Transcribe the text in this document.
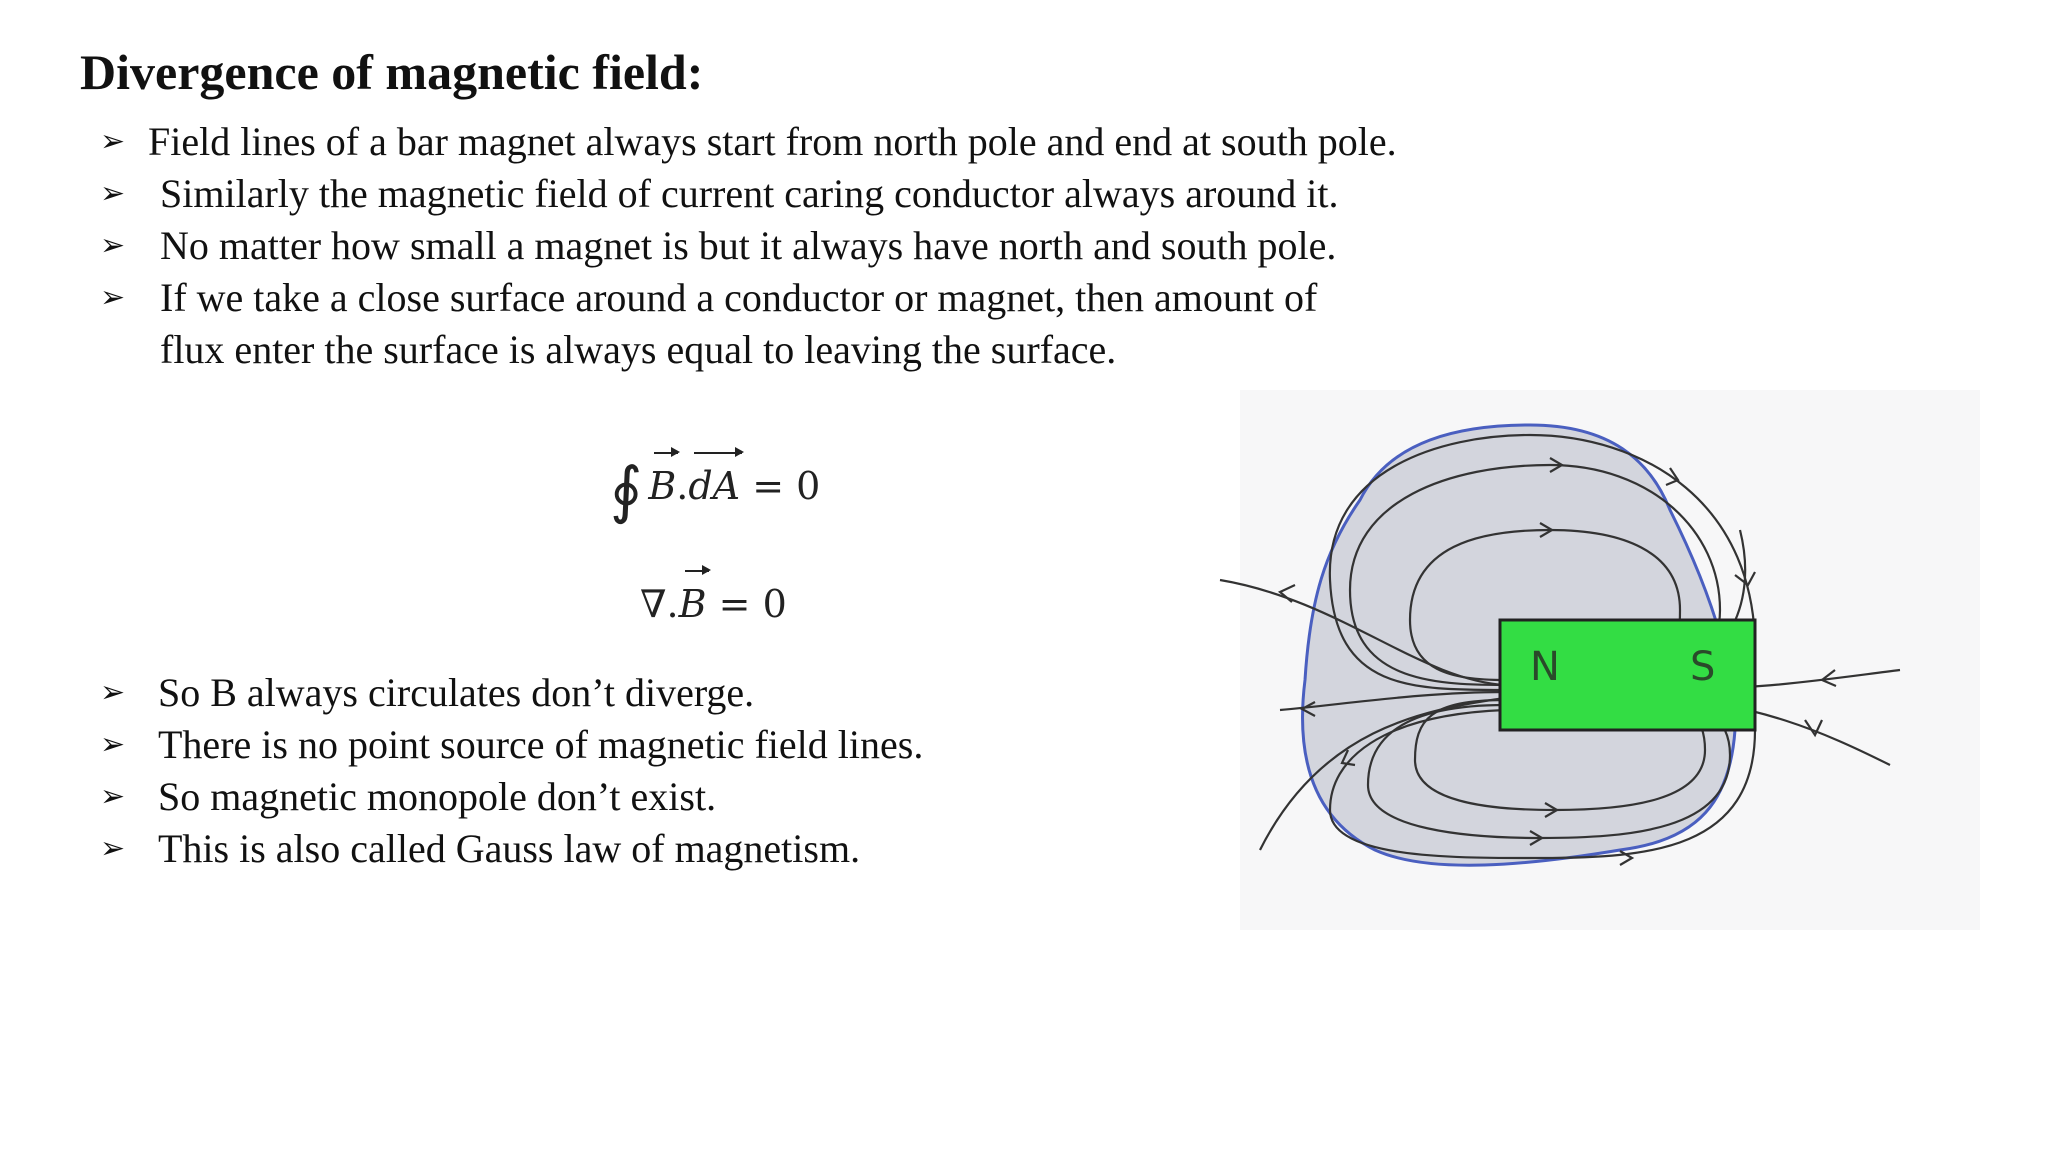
Divergence of magnetic field:
➢ Field lines of a bar magnet always start from north pole and end at south pole.
➢ Similarly the magnetic field of current caring conductor always around it.
➢ No matter how small a magnet is but it always have north and south pole.
➢ If we take a close surface around a conductor or magnet, then amount of
flux enter the surface is always equal to leaving the surface.
∮ B.dA = 0
∇.B = 0
➢ So B always circulates don’t diverge.
➢ There is no point source of magnetic field lines.
➢ So magnetic monopole don’t exist.
➢ This is also called Gauss law of magnetism.
N	S
